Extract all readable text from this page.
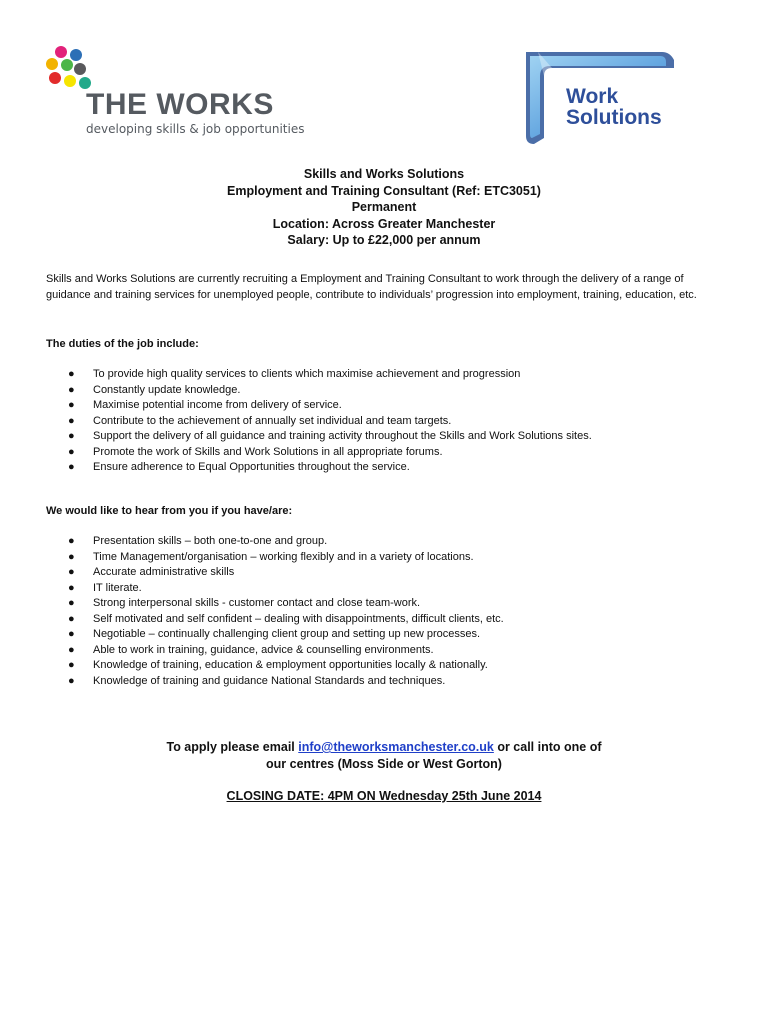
THE WORKS
developing skills & job opportunities
Work
Solutions
Skills and Works Solutions
Employment and Training Consultant (Ref: ETC3051)
Permanent
Location: Across Greater Manchester
Salary: Up to £22,000 per annum
Skills and Works Solutions are currently recruiting a Employment and Training Consultant to work through the delivery of a range of guidance and training services for unemployed people, contribute to individuals’ progression into employment, training, education, etc.
The duties of the job include:
● To provide high quality services to clients which maximise achievement and progression
● Constantly update knowledge.
● Maximise potential income from delivery of service.
● Contribute to the achievement of annually set individual and team targets.
● Support the delivery of all guidance and training activity throughout the Skills and Work Solutions sites.
● Promote the work of Skills and Work Solutions in all appropriate forums.
● Ensure adherence to Equal Opportunities throughout the service.
We would like to hear from you if you have/are:
● Presentation skills – both one-to-one and group.
● Time Management/organisation – working flexibly and in a variety of locations.
● Accurate administrative skills
● IT literate.
● Strong interpersonal skills - customer contact and close team-work.
● Self motivated and self confident – dealing with disappointments, difficult clients, etc.
● Negotiable – continually challenging client group and setting up new processes.
● Able to work in training, guidance, advice & counselling environments.
● Knowledge of training, education & employment opportunities locally & nationally.
● Knowledge of training and guidance National Standards and techniques.
To apply please email info@theworksmanchester.co.uk or call into one of
our centres (Moss Side or West Gorton)
CLOSING DATE: 4PM ON Wednesday 25th June 2014
